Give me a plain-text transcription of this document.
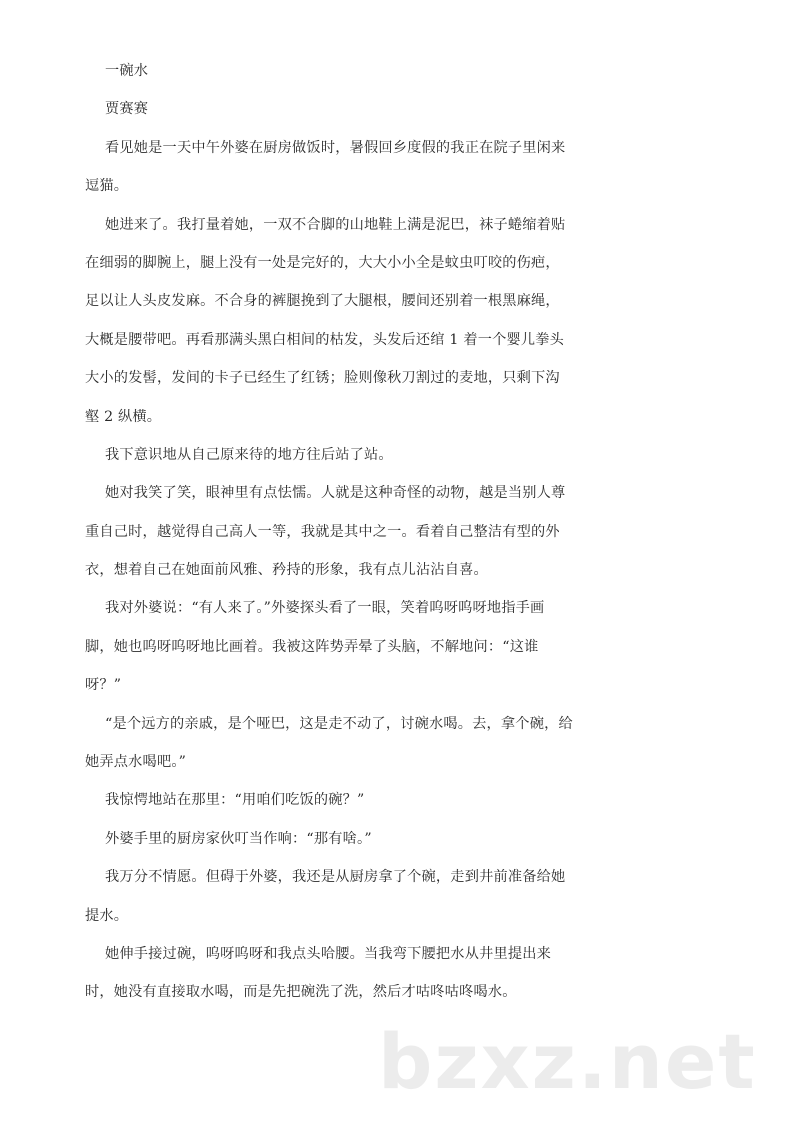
一碗水
贾赛赛
看见她是一天中午外婆在厨房做饭时，暑假回乡度假的我正在院子里闲来
逗猫。
她进来了。我打量着她，一双不合脚的山地鞋上满是泥巴，袜子蜷缩着贴
在细弱的脚腕上，腿上没有一处是完好的，大大小小全是蚊虫叮咬的伤疤，
足以让人头皮发麻。不合身的裤腿挽到了大腿根，腰间还别着一根黑麻绳，
大概是腰带吧。再看那满头黑白相间的枯发，头发后还绾 1 着一个婴儿拳头
大小的发髻，发间的卡子已经生了红锈；脸则像秋刀割过的麦地，只剩下沟
壑 2 纵横。
我下意识地从自己原来待的地方往后站了站。
她对我笑了笑，眼神里有点怯懦。人就是这种奇怪的动物，越是当别人尊
重自己时，越觉得自己高人一等，我就是其中之一。看着自己整洁有型的外
衣，想着自己在她面前风雅、矜持的形象，我有点儿沾沾自喜。
我对外婆说：“有人来了。”外婆探头看了一眼，笑着呜呀呜呀地指手画
脚，她也呜呀呜呀地比画着。我被这阵势弄晕了头脑，不解地问：“这谁
呀？”
“是个远方的亲戚，是个哑巴，这是走不动了，讨碗水喝。去，拿个碗，给
她弄点水喝吧。”
我惊愕地站在那里：“用咱们吃饭的碗？”
外婆手里的厨房家伙叮当作响：“那有啥。”
我万分不情愿。但碍于外婆，我还是从厨房拿了个碗，走到井前准备给她
提水。
她伸手接过碗，呜呀呜呀和我点头哈腰。当我弯下腰把水从井里提出来
时，她没有直接取水喝，而是先把碗洗了洗，然后才咕咚咕咚喝水。
bzxz.net
